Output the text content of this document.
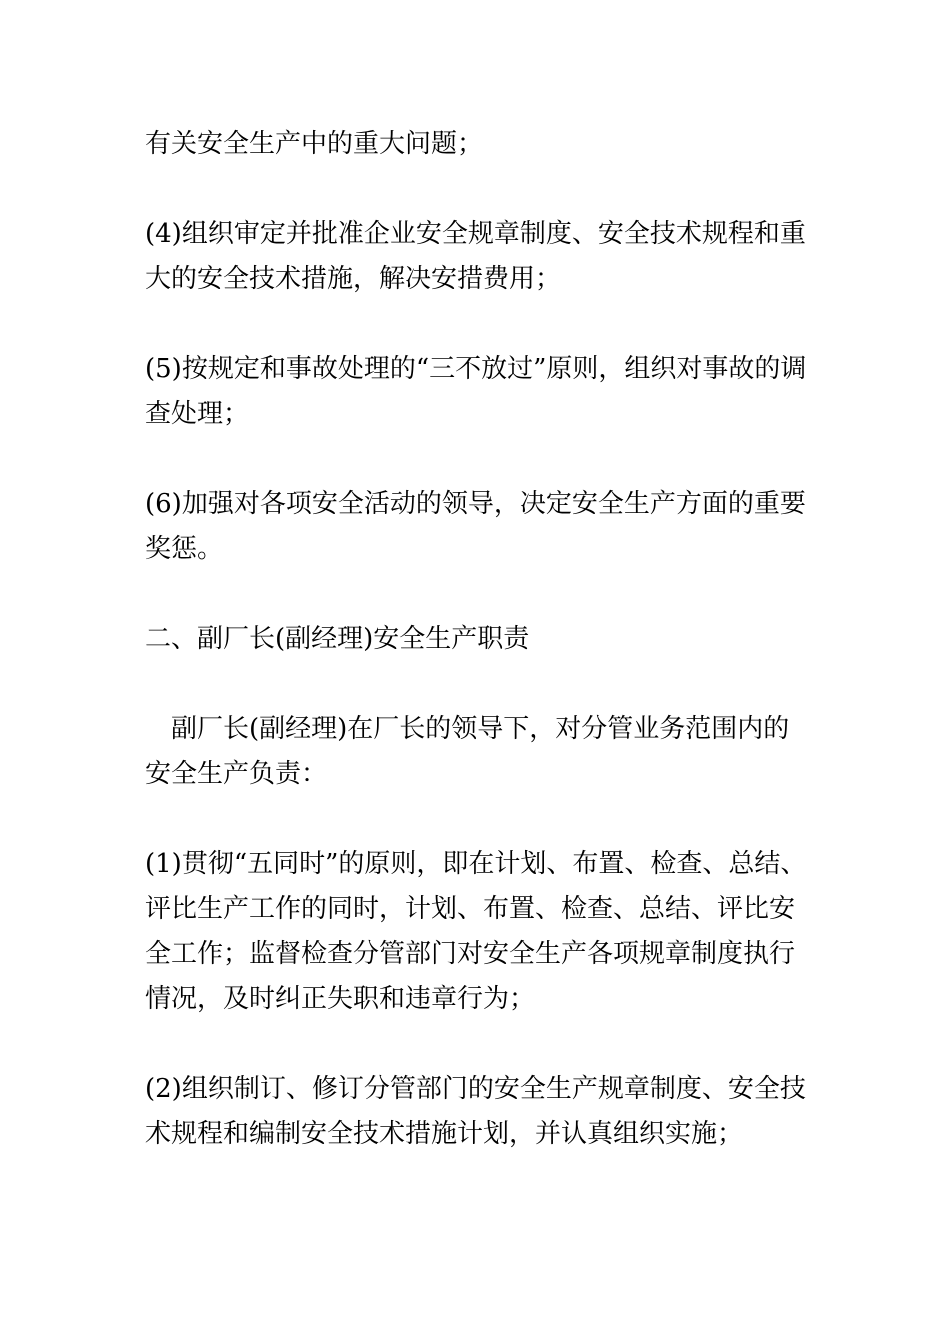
有关安全生产中的重大问题；

(4)组织审定并批准企业安全规章制度、安全技术规程和重大的安全技术措施，解决安措费用；

(5)按规定和事故处理的“三不放过”原则，组织对事故的调查处理；

(6)加强对各项安全活动的领导，决定安全生产方面的重要奖惩。

二、副厂长(副经理)安全生产职责

副厂长(副经理)在厂长的领导下，对分管业务范围内的安全生产负责：

(1)贯彻“五同时”的原则，即在计划、布置、检查、总结、评比生产工作的同时，计划、布置、检查、总结、评比安全工作；监督检查分管部门对安全生产各项规章制度执行情况，及时纠正失职和违章行为；

(2)组织制订、修订分管部门的安全生产规章制度、安全技术规程和编制安全技术措施计划，并认真组织实施；
